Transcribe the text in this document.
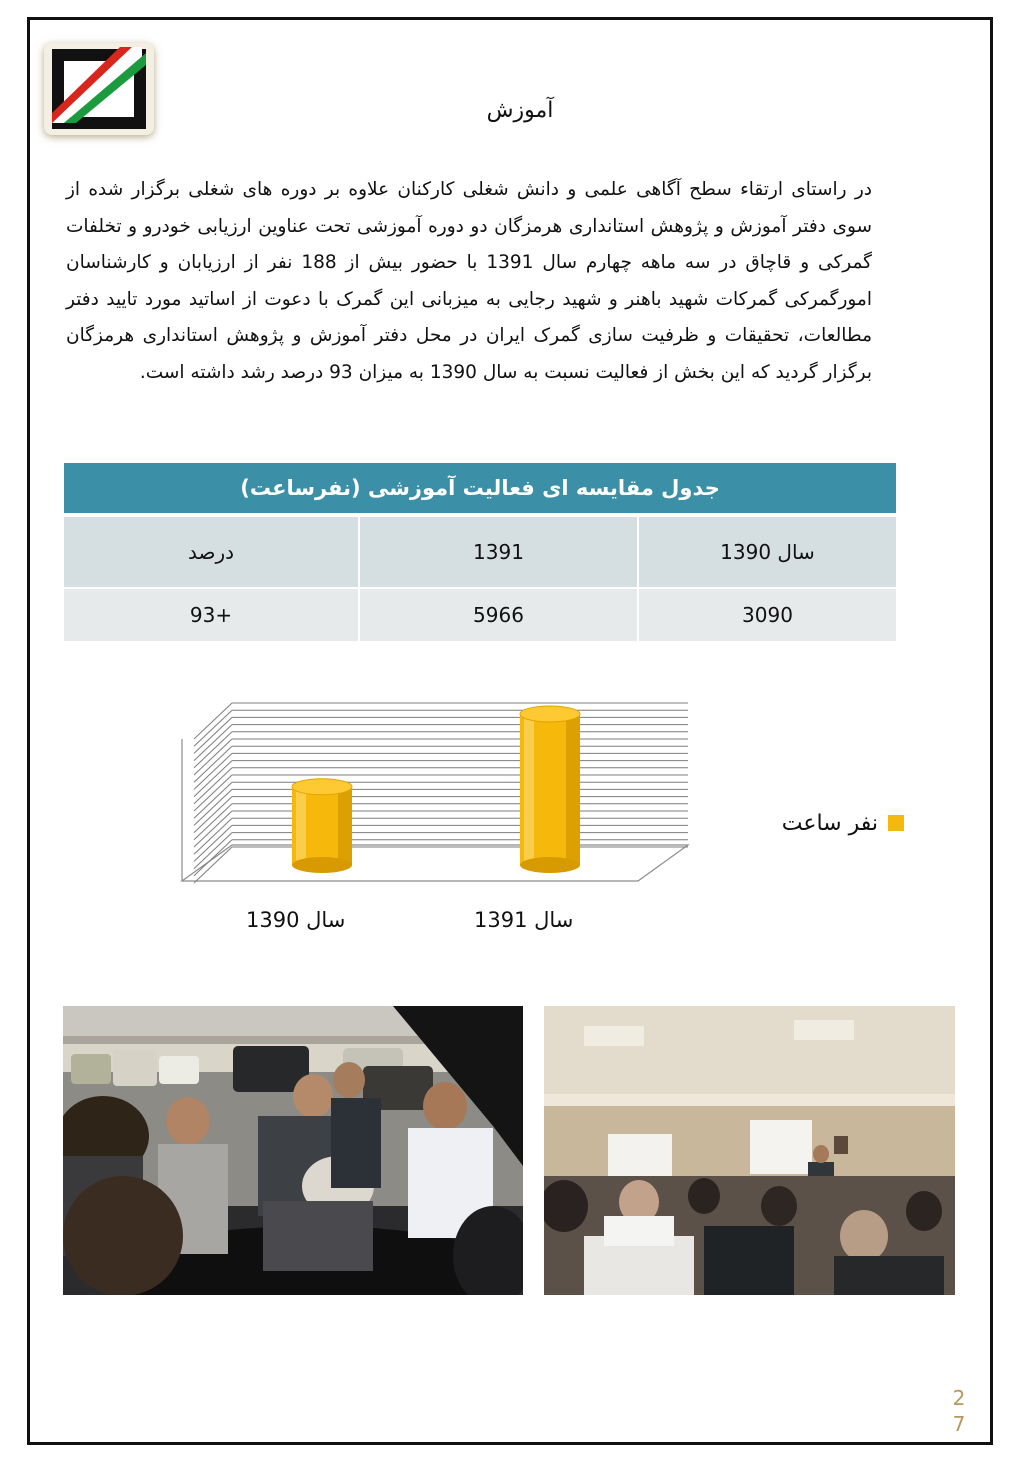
آموزش
در راستای ارتقاء سطح آگاهی علمی و دانش شغلی کارکنان علاوه بر دوره های شغلی برگزار شده از سوی دفتر آموزش و پژوهش استانداری هرمزگان دو دوره آموزشی تحت عناوین ارزیابی خودرو و تخلفات گمرکی و قاچاق در سه ماهه چهارم سال 1391 با حضور بیش از 188 نفر از ارزیابان و کارشناسان امورگمرکی گمرکات شهید باهنر و شهید رجایی به میزبانی این گمرک با دعوت از اساتید مورد تایید دفتر مطالعات، تحقیقات و ظرفیت سازی گمرک ایران در محل دفتر آموزش و پژوهش استانداری هرمزگان برگزار گردید که این بخش از فعالیت نسبت به سال 1390 به میزان 93 درصد رشد داشته است.
جدول مقایسه ای فعالیت آموزشی (نفرساعت)		
سال 1390	1391	درصد
3090	5966	+93
نفر ساعت
سال 1390	سال 1391
2
7
